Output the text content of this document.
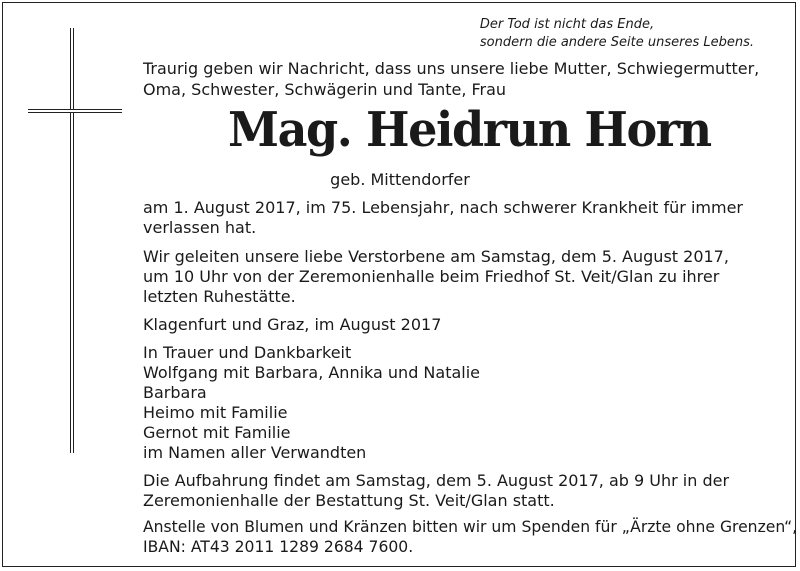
Der Tod ist nicht das Ende,
sondern die andere Seite unseres Lebens.
Traurig geben wir Nachricht, dass uns unsere liebe Mutter, Schwiegermutter,
Oma, Schwester, Schwägerin und Tante, Frau
Mag. Heidrun Horn
geb. Mittendorfer
am 1. August 2017, im 75. Lebensjahr, nach schwerer Krankheit für immer
verlassen hat.
Wir geleiten unsere liebe Verstorbene am Samstag, dem 5. August 2017,
um 10 Uhr von der Zeremonienhalle beim Friedhof St. Veit/Glan zu ihrer
letzten Ruhestätte.
Klagenfurt und Graz, im August 2017
In Trauer und Dankbarkeit
Wolfgang mit Barbara, Annika und Natalie
Barbara
Heimo mit Familie
Gernot mit Familie
im Namen aller Verwandten
Die Aufbahrung findet am Samstag, dem 5. August 2017, ab 9 Uhr in der
Zeremonienhalle der Bestattung St. Veit/Glan statt.
Anstelle von Blumen und Kränzen bitten wir um Spenden für „Ärzte ohne Grenzen“,
IBAN: AT43 2011 1289 2684 7600.
